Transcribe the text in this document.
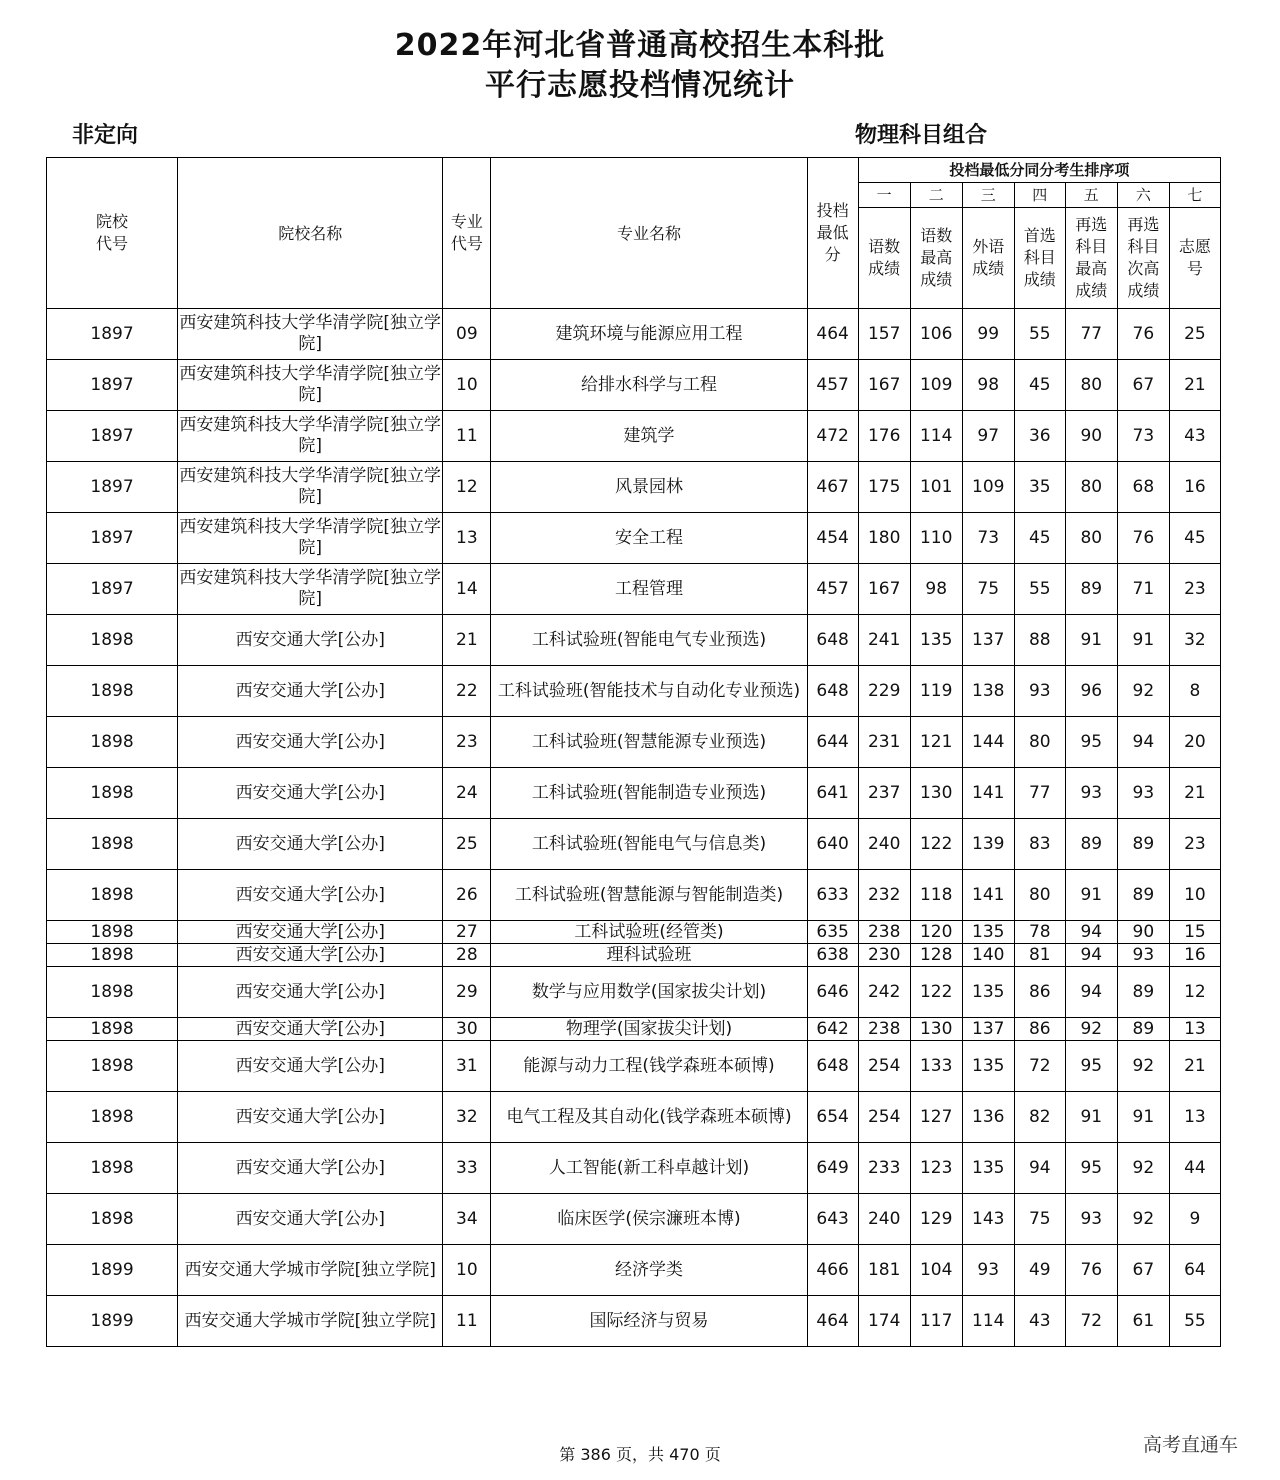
2022年河北省普通高校招生本科批
平行志愿投档情况统计
非定向	物理科目组合
院校代号	院校名称	专业代号	专业名称	投档最低分	投档最低分同分考生排序项						
					一	二	三	四	五	六	七

					语数成绩	语数最高成绩	外语成绩	首选科目成绩	再选科目最高成绩	再选科目次高成绩	志愿号

1897	西安建筑科技大学华清学院[独立学院]	09	建筑环境与能源应用工程	464	157	106	99	55	77	76	25
1897	西安建筑科技大学华清学院[独立学院]	10	给排水科学与工程	457	167	109	98	45	80	67	21
1897	西安建筑科技大学华清学院[独立学院]	11	建筑学	472	176	114	97	36	90	73	43
1897	西安建筑科技大学华清学院[独立学院]	12	风景园林	467	175	101	109	35	80	68	16
1897	西安建筑科技大学华清学院[独立学院]	13	安全工程	454	180	110	73	45	80	76	45
1897	西安建筑科技大学华清学院[独立学院]	14	工程管理	457	167	98	75	55	89	71	23
1898	西安交通大学[公办]	21	工科试验班(智能电气专业预选)	648	241	135	137	88	91	91	32
1898	西安交通大学[公办]	22	工科试验班(智能技术与自动化专业预选)	648	229	119	138	93	96	92	8
1898	西安交通大学[公办]	23	工科试验班(智慧能源专业预选)	644	231	121	144	80	95	94	20
1898	西安交通大学[公办]	24	工科试验班(智能制造专业预选)	641	237	130	141	77	93	93	21
1898	西安交通大学[公办]	25	工科试验班(智能电气与信息类)	640	240	122	139	83	89	89	23
1898	西安交通大学[公办]	26	工科试验班(智慧能源与智能制造类)	633	232	118	141	80	91	89	10
1898	西安交通大学[公办]	27	工科试验班(经管类)	635	238	120	135	78	94	90	15
1898	西安交通大学[公办]	28	理科试验班	638	230	128	140	81	94	93	16
1898	西安交通大学[公办]	29	数学与应用数学(国家拔尖计划)	646	242	122	135	86	94	89	12
1898	西安交通大学[公办]	30	物理学(国家拔尖计划)	642	238	130	137	86	92	89	13
1898	西安交通大学[公办]	31	能源与动力工程(钱学森班本硕博)	648	254	133	135	72	95	92	21
1898	西安交通大学[公办]	32	电气工程及其自动化(钱学森班本硕博)	654	254	127	136	82	91	91	13
1898	西安交通大学[公办]	33	人工智能(新工科卓越计划)	649	233	123	135	94	95	92	44
1898	西安交通大学[公办]	34	临床医学(侯宗濂班本博)	643	240	129	143	75	93	92	9
1899	西安交通大学城市学院[独立学院]	10	经济学类	466	181	104	93	49	76	67	64
1899	西安交通大学城市学院[独立学院]	11	国际经济与贸易	464	174	117	114	43	72	61	55
第 386 页，共 470 页	高考直通车
